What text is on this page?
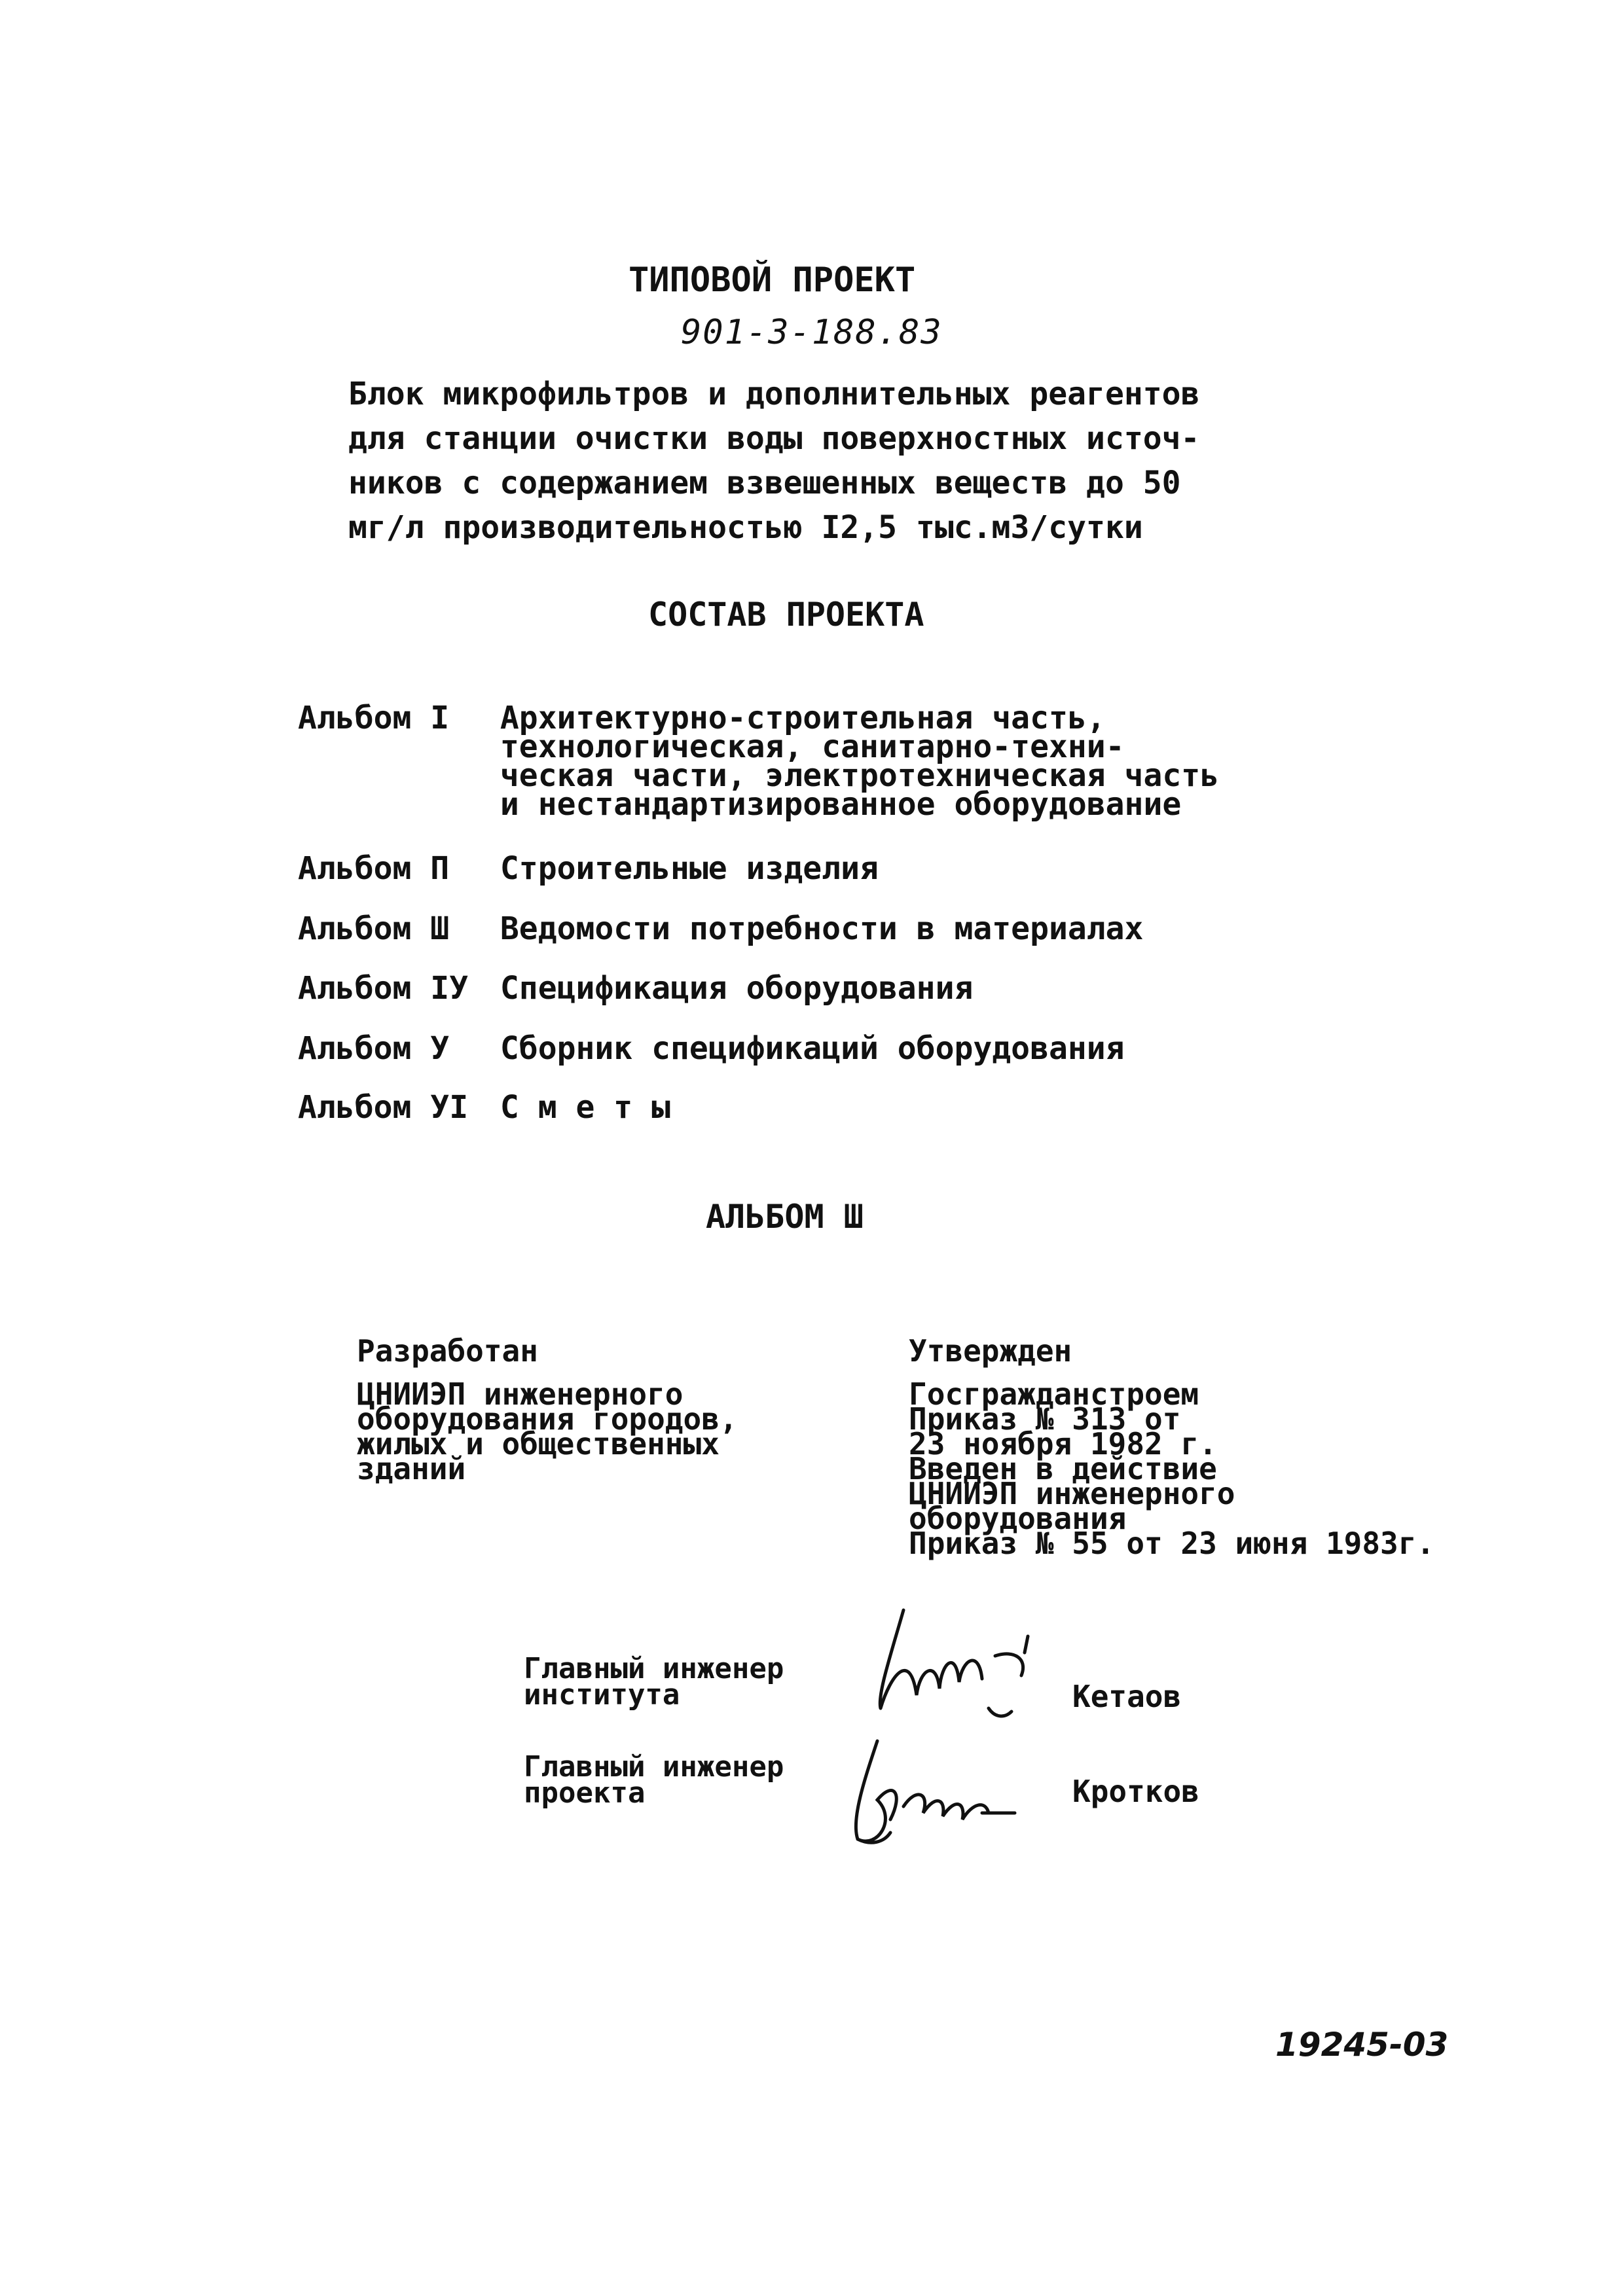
ТИПОВОЙ ПРОЕКТ
901-3-188.83
Блок микрофильтров и дополнительных реагентов
для станции очистки воды поверхностных источ-
ников с содержанием взвешенных веществ до 50
мг/л производительностью I2,5 тыс.м3/сутки
СОСТАВ ПРОЕКТА
Альбом I Архитектурно-строительная часть,
технологическая, санитарно-техни-
ческая части, электротехническая часть
и нестандартизированное оборудование
Альбом П Строительные изделия
Альбом Ш Ведомости потребности в материалах
Альбом IУ Спецификация оборудования
Альбом У Сборник спецификаций оборудования
Альбом УI С м е т ы
АЛЬБОМ Ш
Разработан
ЦНИИЭП инженерного
оборудования городов,
жилых и общественных
зданий
Утвержден
Госгражданстроем
Приказ № 313 от
23 ноября 1982 г.
Введен в действие
ЦНИИЭП инженерного
оборудования
Приказ № 55 от 23 июня 1983г.
Главный инженер
института	Кетаов
Главный инженер
проекта	Кротков
19245-03
